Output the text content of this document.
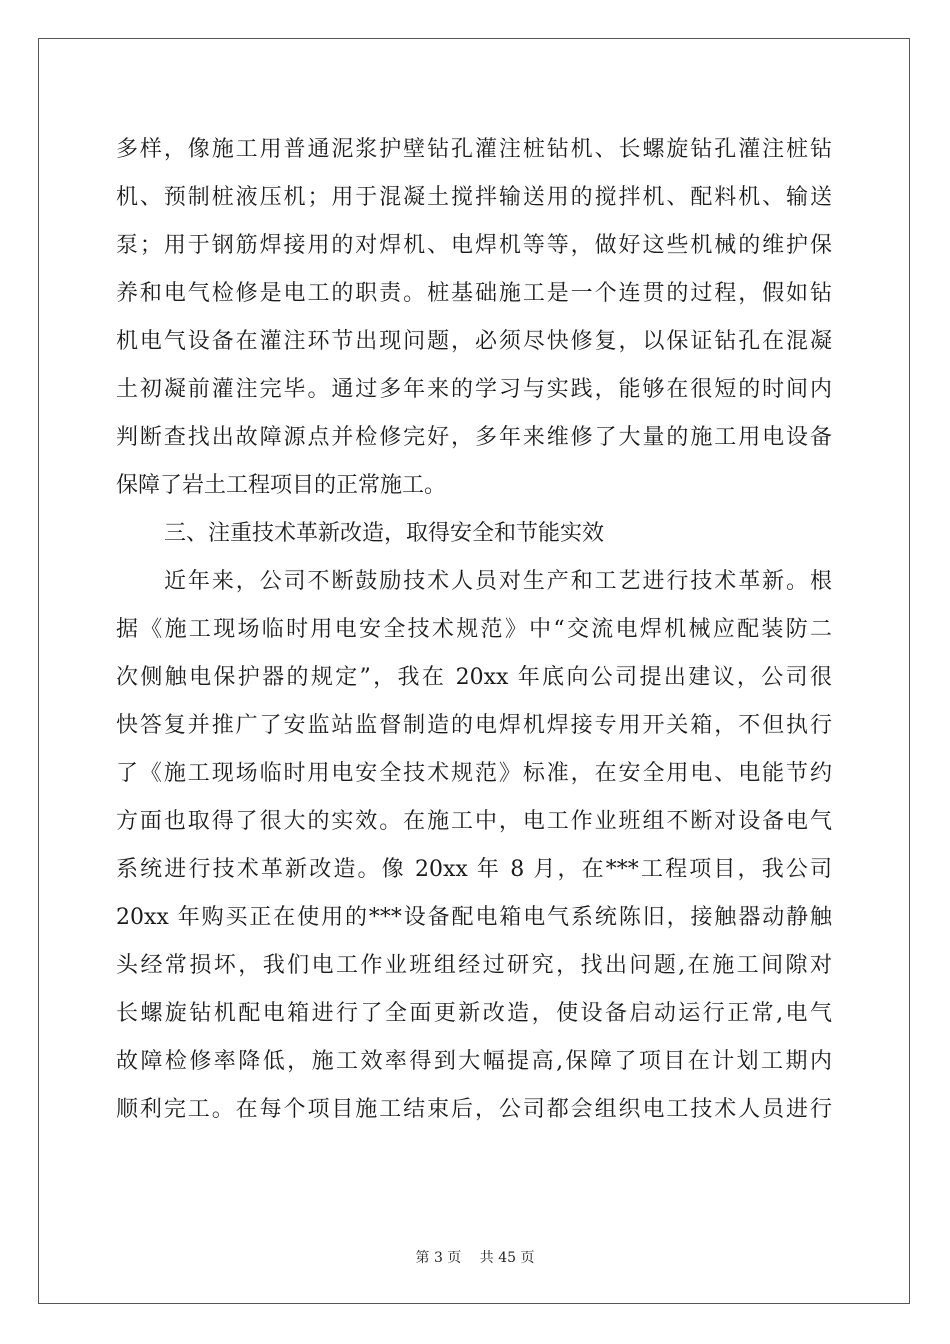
多样，像施工用普通泥浆护壁钻孔灌注桩钻机、长螺旋钻孔灌注桩钻
机、预制桩液压机；用于混凝土搅拌输送用的搅拌机、配料机、输送
泵；用于钢筋焊接用的对焊机、电焊机等等，做好这些机械的维护保
养和电气检修是电工的职责。桩基础施工是一个连贯的过程，假如钻
机电气设备在灌注环节出现问题，必须尽快修复，以保证钻孔在混凝
土初凝前灌注完毕。通过多年来的学习与实践，能够在很短的时间内
判断查找出故障源点并检修完好，多年来维修了大量的施工用电设备
保障了岩土工程项目的正常施工。
三、注重技术革新改造，取得安全和节能实效
近年来，公司不断鼓励技术人员对生产和工艺进行技术革新。根
据《施工现场临时用电安全技术规范》中“交流电焊机械应配装防二
次侧触电保护器的规定”，我在 20xx 年底向公司提出建议，公司很
快答复并推广了安监站监督制造的电焊机焊接专用开关箱，不但执行
了《施工现场临时用电安全技术规范》标准，在安全用电、电能节约
方面也取得了很大的实效。在施工中，电工作业班组不断对设备电气
系统进行技术革新改造。像 20xx 年 8 月，在***工程项目，我公司
20xx 年购买正在使用的***设备配电箱电气系统陈旧，接触器动静触
头经常损坏，我们电工作业班组经过研究，找出问题,在施工间隙对
长螺旋钻机配电箱进行了全面更新改造，使设备启动运行正常,电气
故障检修率降低，施工效率得到大幅提高,保障了项目在计划工期内
顺利完工。在每个项目施工结束后，公司都会组织电工技术人员进行
第 3 页　 共 45 页
